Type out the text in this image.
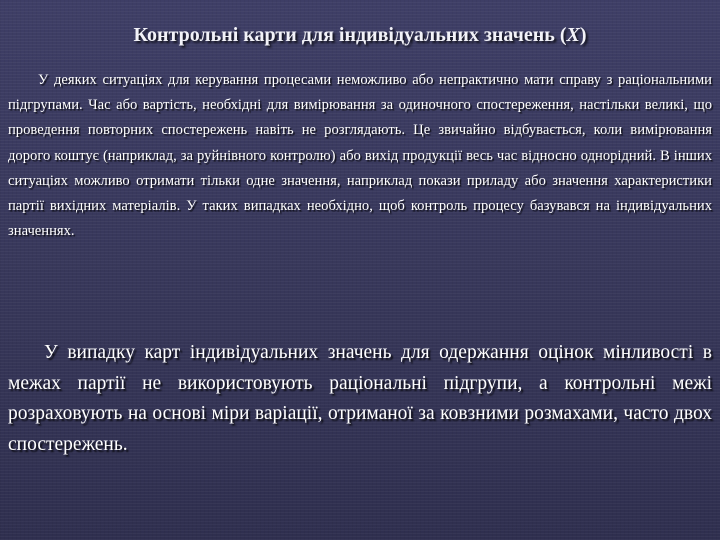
Контрольні карти для індивідуальних значень (X)

У деяких ситуаціях для керування процесами неможливо або непрактично мати справу з раціональними підгрупами. Час або вартість, необхідні для вимірювання за одиночного спостереження, настільки великі, що проведення повторних спостережень навіть не розглядають. Це звичайно відбувається, коли вимірювання дорого коштує (наприклад, за руйнівного контролю) або вихід продукції весь час відносно однорідний. В інших ситуаціях можливо отримати тільки одне значення, наприклад покази приладу або значення характеристики партії вихідних матеріалів. У таких випадках необхідно, щоб контроль процесу базувався на індивідуальних значеннях.

У випадку карт індивідуальних значень для одержання оцінок мінливості в межах партії не використовують раціональні підгрупи, а контрольні межі розраховують на основі міри варіації, отриманої за ковзними розмахами, часто двох спостережень.
